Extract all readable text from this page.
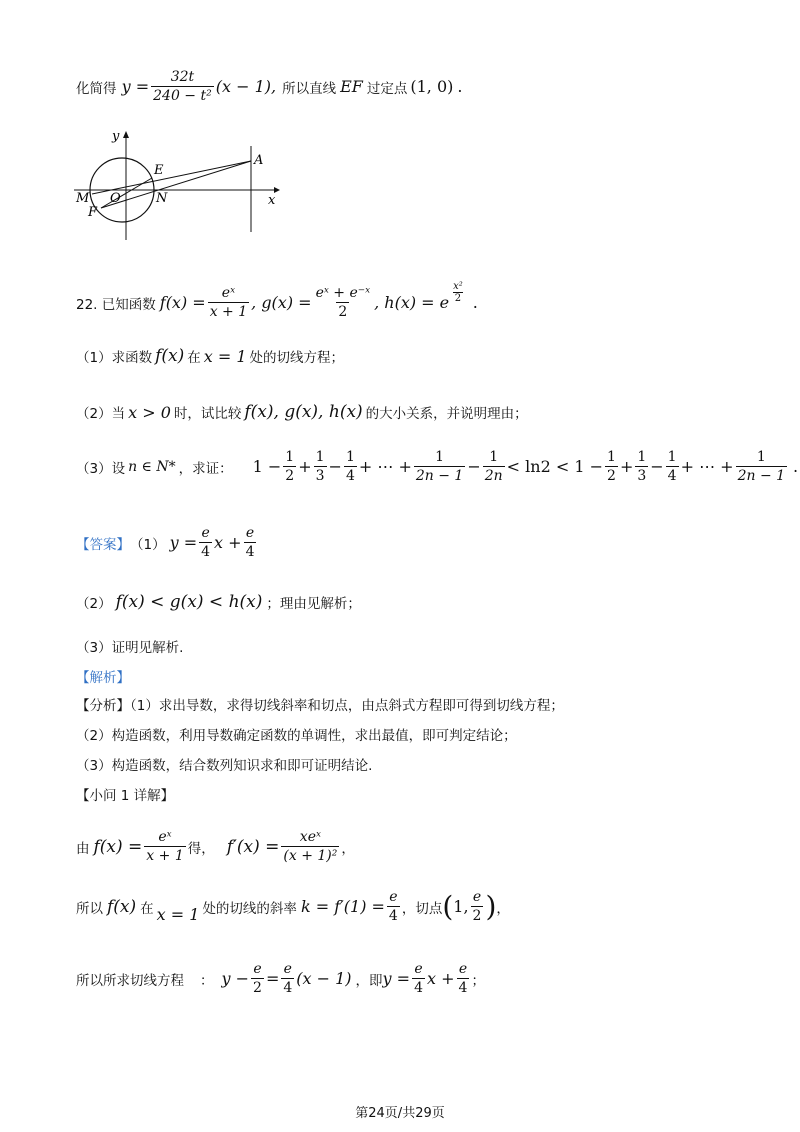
化简得 $y = \frac{32t}{\text{240 − t²}} (x - 1)$, 所以直线 EF 过定点 (1, 0) .
y
x
E
A
M O	N
F
22. 已知函数 $f(x) = \frac{\text{eˣ}}{x + 1}$ , $g(x) = \frac{\text{eˣ + e⁻ˣ}}{2}$ , h(x) = e $\frac{\text{x²}}{2}$ .
（1）求函数 f(x) 在 x = 1 处的切线方程；
（2）当 x > 0 时，试比较 f(x), g(x), h(x) 的大小关系，并说明理由；
（3）设 n ∈ N* ，求证： $1 - \frac{1}{2} + \frac{1}{3} - \frac{1}{4}$ + ⋯ + $\frac{1}{2n - 1} - \frac{1}{2n} < \ln 2 < 1 - \frac{1}{2} + \frac{1}{3} - \frac{1}{4}$ + ⋯ + $\frac{1}{2n - 1}$ .
【答案】 （1） $y = \frac{e}{4}$ $x + \frac{e}{4}$
（2） f(x) < g(x) < h(x) ；理由见解析；
（3）证明见解析.
【解析】
【分析】（1）求出导数，求得切线斜率和切点，由点斜式方程即可得到切线方程；
（2）构造函数，利用导数确定函数的单调性，求出最值，即可判定结论；
（3）构造函数，结合数列知识求和即可证明结论.
【小问 1 详解】
由 $f(x) = \frac{\text{eˣ}}{x + 1}$ 得， $f'(x) = \frac{\text{xeˣ}}{\text{(x + 1)²}}$ ，
所以 f(x) 在 x = 1 处的切线的斜率 $k = f'(1) = \frac{e}{4}$ ，切点 ( 1, $\frac{e}{2}$ ) ，
所以所求切线方程 ： $y - \frac{e}{2} = \frac{e}{4} (x - 1)$ ，即 $y = \frac{e}{4}$ $x + \frac{e}{4}$ ；
第24页/共29页
